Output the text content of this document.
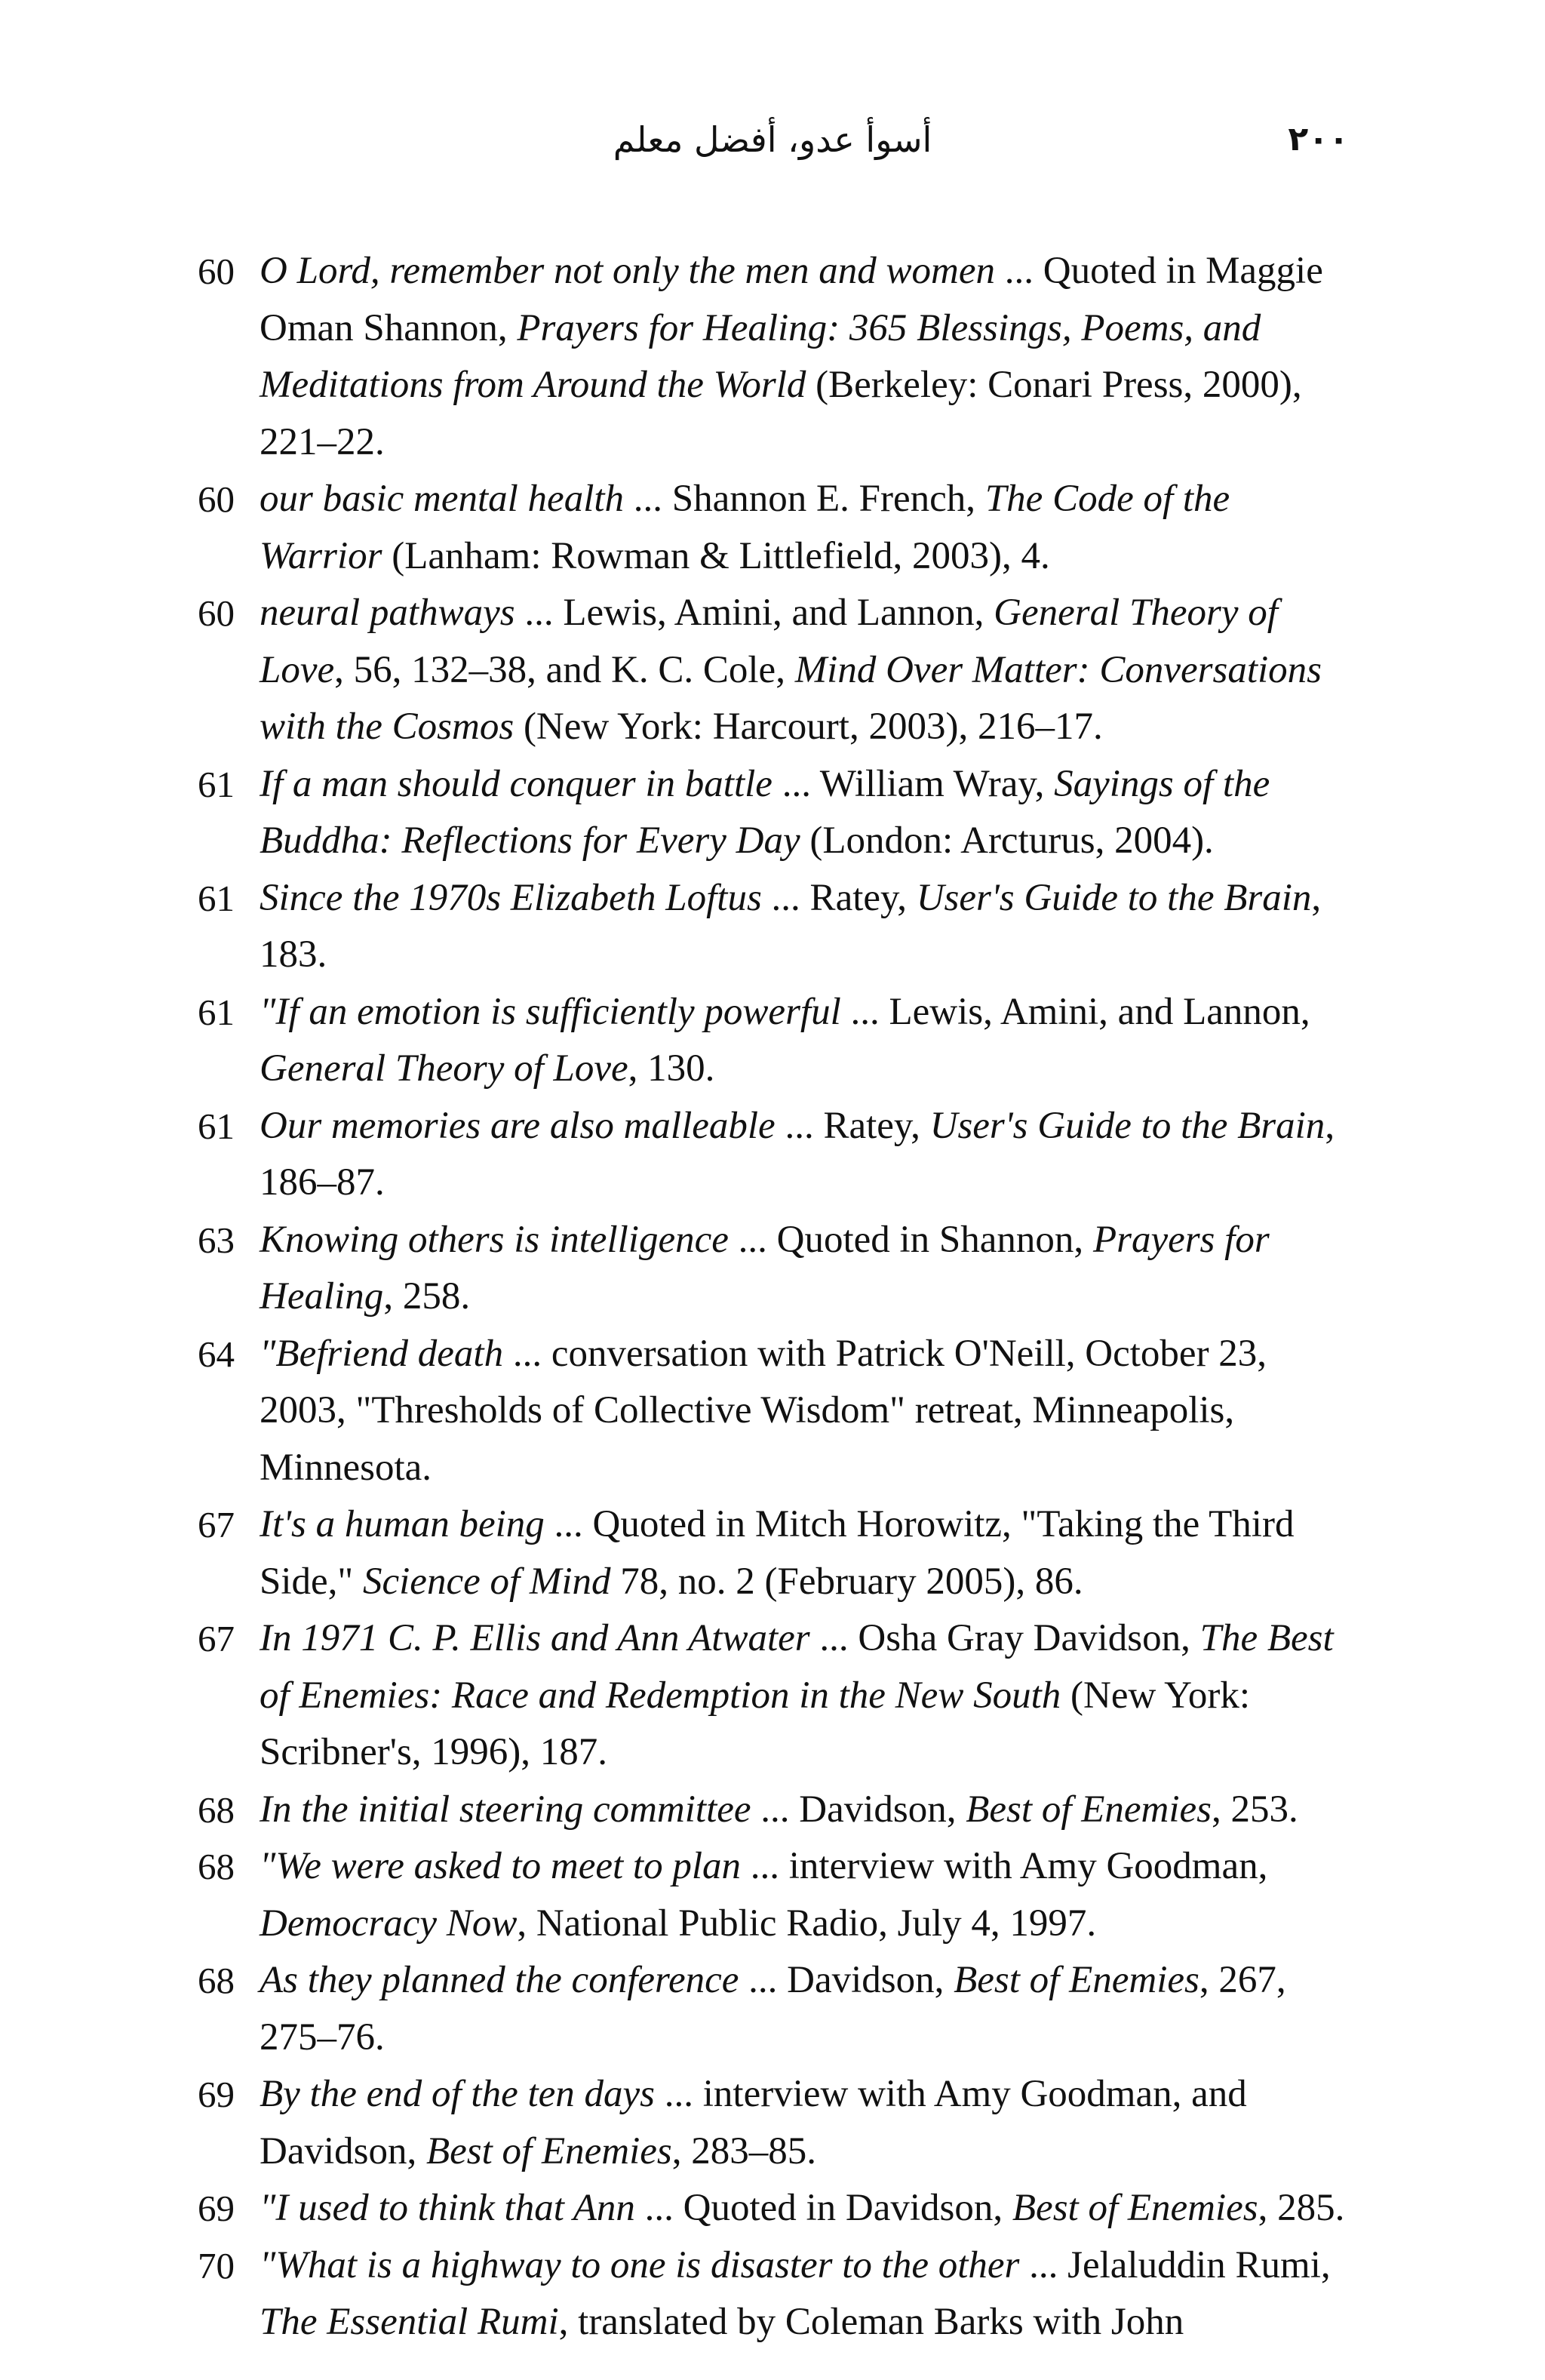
أسوأ عدو، أفضل معلم	٢٠٠

60 O Lord, remember not only the men and women ... Quoted in Maggie Oman Shannon, Prayers for Healing: 365 Blessings, Poems, and Meditations from Around the World (Berkeley: Conari Press, 2000), 221–22.

60 our basic mental health ... Shannon E. French, The Code of the Warrior (Lanham: Rowman & Littlefield, 2003), 4.

60 neural pathways ... Lewis, Amini, and Lannon, General Theory of Love, 56, 132–38, and K. C. Cole, Mind Over Matter: Conversations with the Cosmos (New York: Harcourt, 2003), 216–17.

61 If a man should conquer in battle ... William Wray, Sayings of the Buddha: Reflections for Every Day (London: Arcturus, 2004).

61 Since the 1970s Elizabeth Loftus ... Ratey, User's Guide to the Brain, 183.

61 "If an emotion is sufficiently powerful ... Lewis, Amini, and Lannon, General Theory of Love, 130.

61 Our memories are also malleable ... Ratey, User's Guide to the Brain, 186–87.

63 Knowing others is intelligence ... Quoted in Shannon, Prayers for Healing, 258.

64 "Befriend death ... conversation with Patrick O'Neill, October 23, 2003, "Thresholds of Collective Wisdom" retreat, Minneapolis, Minnesota.

67 It's a human being ... Quoted in Mitch Horowitz, "Taking the Third Side," Science of Mind 78, no. 2 (February 2005), 86.

67 In 1971 C. P. Ellis and Ann Atwater ... Osha Gray Davidson, The Best of Enemies: Race and Redemption in the New South (New York: Scribner's, 1996), 187.

68 In the initial steering committee ... Davidson, Best of Enemies, 253.

68 "We were asked to meet to plan ... interview with Amy Goodman, Democracy Now, National Public Radio, July 4, 1997.

68 As they planned the conference ... Davidson, Best of Enemies, 267, 275–76.

69 By the end of the ten days ... interview with Amy Goodman, and Davidson, Best of Enemies, 283–85.

69 "I used to think that Ann ... Quoted in Davidson, Best of Enemies, 285.

70 "What is a highway to one is disaster to the other ... Jelaluddin Rumi, The Essential Rumi, translated by Coleman Barks with John
